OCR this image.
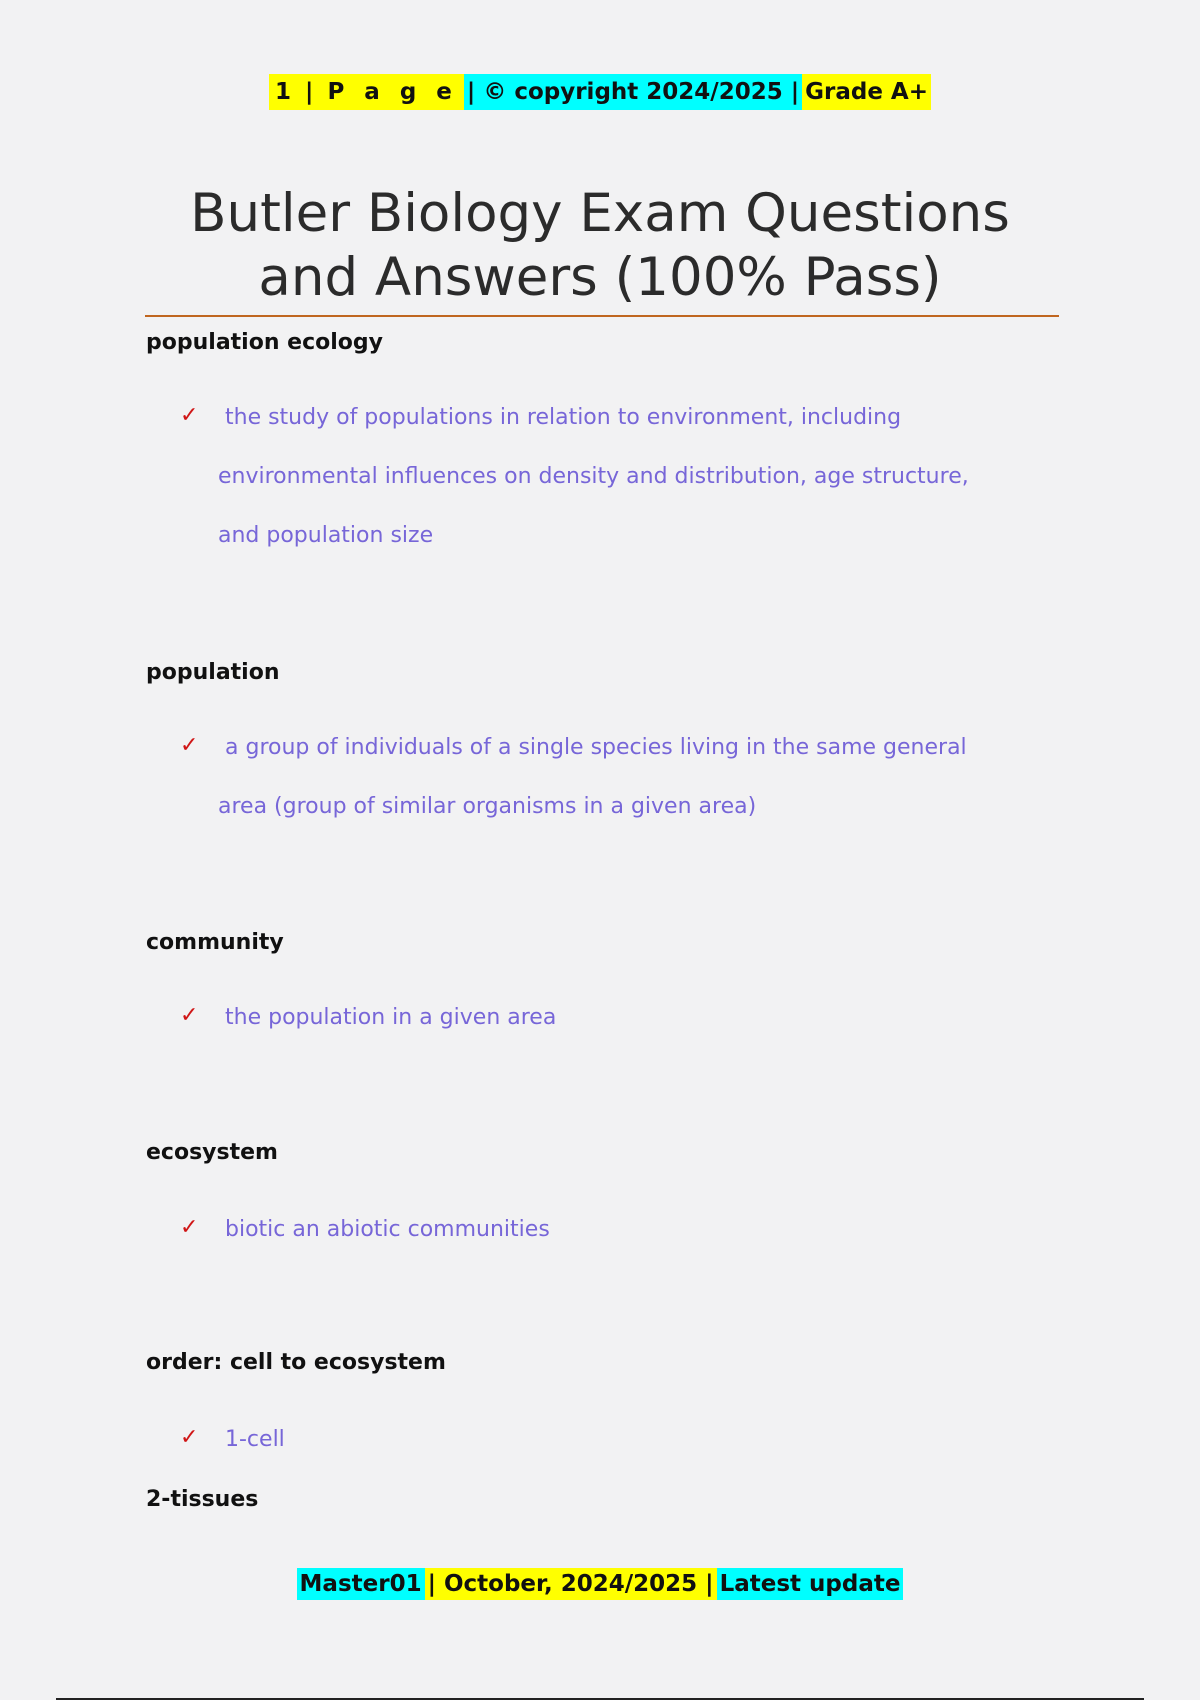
1 | P a g e | © copyright 2024/2025 | Grade A+
Butler Biology Exam Questions and Answers (100% Pass)

population ecology

✓	the study of populations in relation to environment, including
environmental influences on density and distribution, age structure,
and population size

population

✓	a group of individuals of a single species living in the same general
area (group of similar organisms in a given area)

community

✓	the population in a given area

ecosystem

✓	biotic an abiotic communities

order: cell to ecosystem

✓	1-cell

2-tissues

Master01 | October, 2024/2025 | Latest update
